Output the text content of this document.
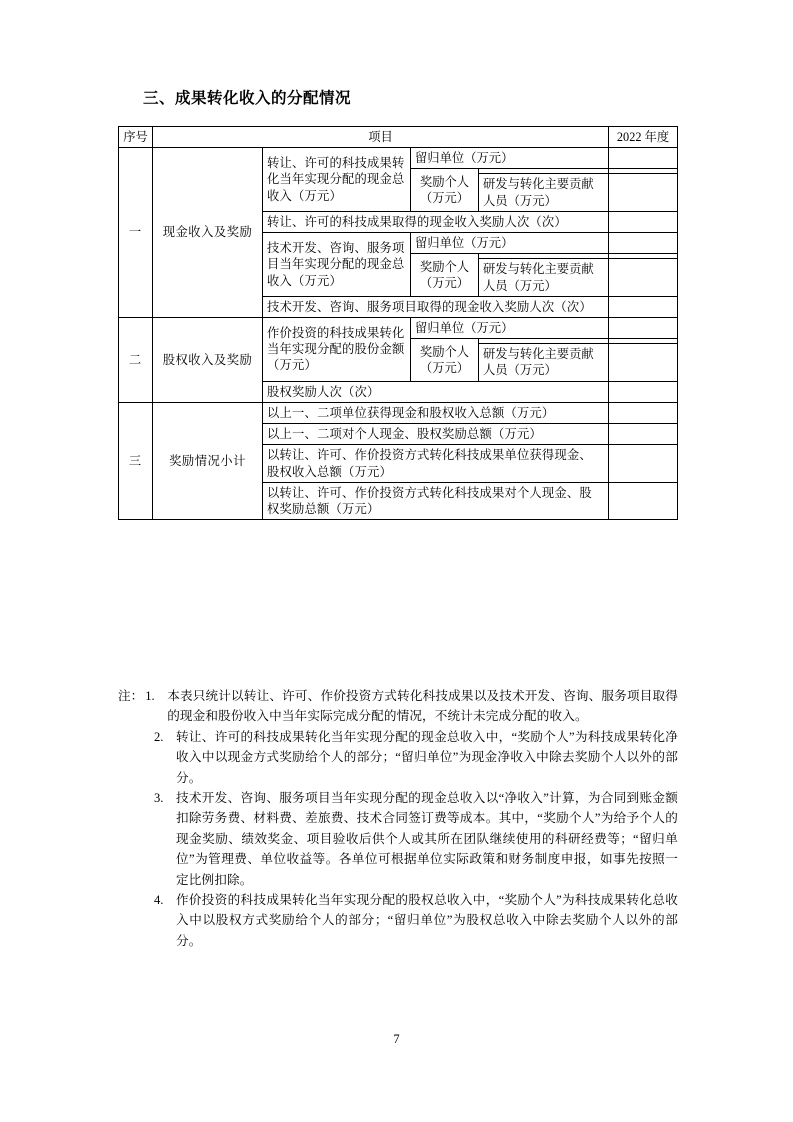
三、成果转化收入的分配情况
序号	项目				2022 年度
一	现金收入及奖励	转让、许可的科技成果转化当年实现分配的现金总收入（万元）	留归单位（万元）		
			奖励个人
（万元）		
				研发与转化主要贡献人员（万元）	
		转让、许可的科技成果取得的现金收入奖励人次（次）			
		技术开发、咨询、服务项目当年实现分配的现金总收入（万元）	留归单位（万元）		
			奖励个人
（万元）		
				研发与转化主要贡献人员（万元）	
		技术开发、咨询、服务项目取得的现金收入奖励人次（次）			
二	股权收入及奖励	作价投资的科技成果转化当年实现分配的股份金额（万元）	留归单位（万元）		
			奖励个人
（万元）		
				研发与转化主要贡献人员（万元）	
		股权奖励人次（次）			
三	奖励情况小计	以上一、二项单位获得现金和股权收入总额（万元）			
		以上一、二项对个人现金、股权奖励总额（万元）			
		以转让、许可、作价投资方式转化科技成果单位获得现金、股权收入总额（万元）			
		以转让、许可、作价投资方式转化科技成果对个人现金、股权奖励总额（万元）			
注： 1. 本表只统计以转让、许可、作价投资方式转化科技成果以及技术开发、咨询、服务项目取得的现金和股份收入中当年实际完成分配的情况，不统计未完成分配的收入。
2. 转让、许可的科技成果转化当年实现分配的现金总收入中，“奖励个人”为科技成果转化净收入中以现金方式奖励给个人的部分；“留归单位”为现金净收入中除去奖励个人以外的部分。
3. 技术开发、咨询、服务项目当年实现分配的现金总收入以“净收入”计算，为合同到账金额扣除劳务费、材料费、差旅费、技术合同签订费等成本。其中，“奖励个人”为给予个人的现金奖励、绩效奖金、项目验收后供个人或其所在团队继续使用的科研经费等；“留归单位”为管理费、单位收益等。各单位可根据单位实际政策和财务制度申报，如事先按照一定比例扣除。
4. 作价投资的科技成果转化当年实现分配的股权总收入中，“奖励个人”为科技成果转化总收入中以股权方式奖励给个人的部分；“留归单位”为股权总收入中除去奖励个人以外的部分。
7
